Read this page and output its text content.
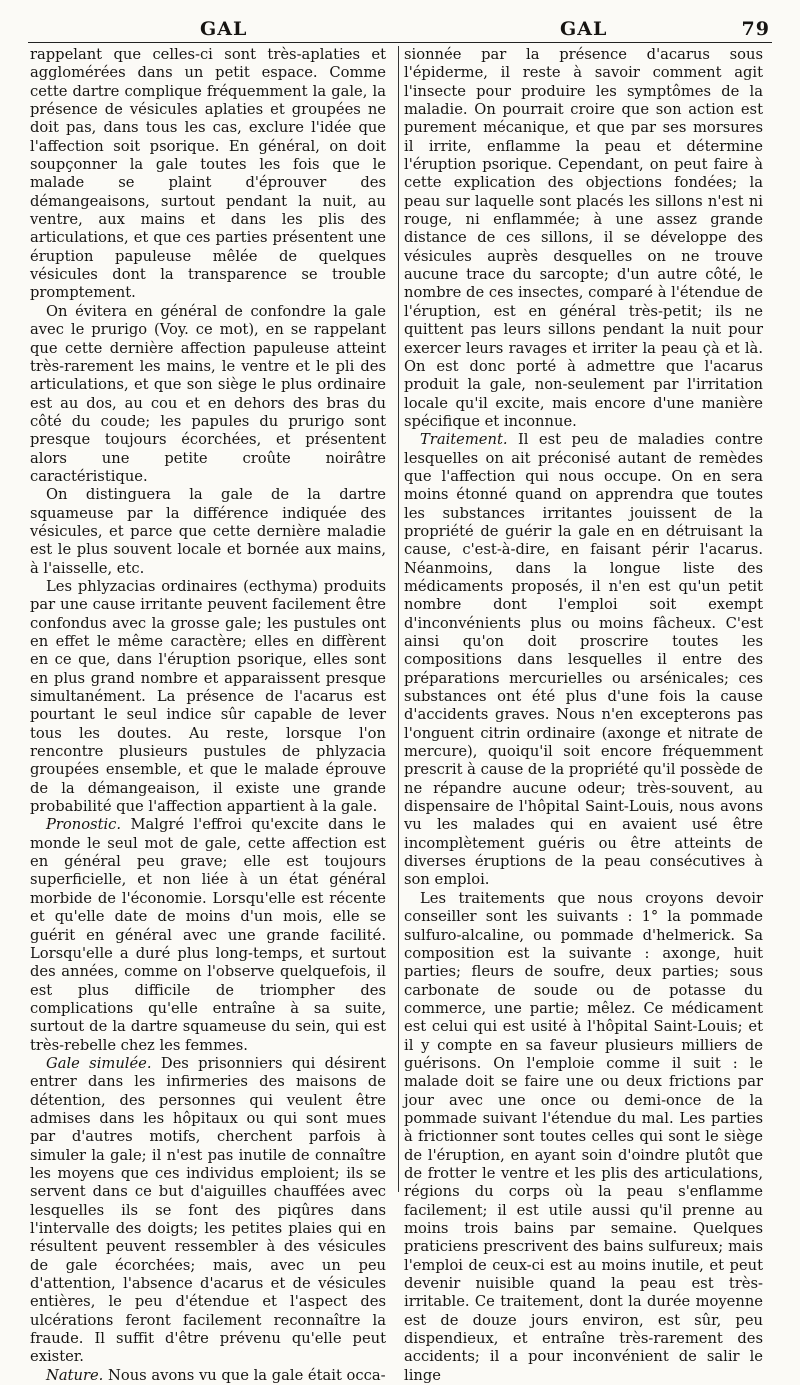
GAL	GAL	79

rappelant que celles-ci sont très-aplaties et agglomérées dans un petit espace. Comme cette dartre complique fréquemment la gale, la présence de vésicules aplaties et groupées ne doit pas, dans tous les cas, exclure l'idée que l'affection soit psorique. En général, on doit soupçonner la gale toutes les fois que le malade se plaint d'éprouver des démangeaisons, surtout pendant la nuit, au ventre, aux mains et dans les plis des articulations, et que ces parties présentent une éruption papuleuse mêlée de quelques vésicules dont la transparence se trouble promptement.

On évitera en général de confondre la gale avec le prurigo (Voy. ce mot), en se rappelant que cette dernière affection papuleuse atteint très-rarement les mains, le ventre et le pli des articulations, et que son siège le plus ordinaire est au dos, au cou et en dehors des bras du côté du coude; les papules du prurigo sont presque toujours écorchées, et présentent alors une petite croûte noirâtre caractéristique.

On distinguera la gale de la dartre squameuse par la différence indiquée des vésicules, et parce que cette dernière maladie est le plus souvent locale et bornée aux mains, à l'aisselle, etc.

Les phlyzacias ordinaires (ecthyma) produits par une cause irritante peuvent facilement être confondus avec la grosse gale; les pustules ont en effet le même caractère; elles en diffèrent en ce que, dans l'éruption psorique, elles sont en plus grand nombre et apparaissent presque simultanément. La présence de l'acarus est pourtant le seul indice sûr capable de lever tous les doutes. Au reste, lorsque l'on rencontre plusieurs pustules de phlyzacia groupées ensemble, et que le malade éprouve de la démangeaison, il existe une grande probabilité que l'affection appartient à la gale.

Pronostic. Malgré l'effroi qu'excite dans le monde le seul mot de gale, cette affection est en général peu grave; elle est toujours superficielle, et non liée à un état général morbide de l'économie. Lorsqu'elle est récente et qu'elle date de moins d'un mois, elle se guérit en général avec une grande facilité. Lorsqu'elle a duré plus long-temps, et surtout des années, comme on l'observe quelquefois, il est plus difficile de triompher des complications qu'elle entraîne à sa suite, surtout de la dartre squameuse du sein, qui est très-rebelle chez les femmes.

Gale simulée. Des prisonniers qui désirent entrer dans les infirmeries des maisons de détention, des personnes qui veulent être admises dans les hôpitaux ou qui sont mues par d'autres motifs, cherchent parfois à simuler la gale; il n'est pas inutile de connaître les moyens que ces individus emploient; ils se servent dans ce but d'aiguilles chauffées avec lesquelles ils se font des piqûres dans l'intervalle des doigts; les petites plaies qui en résultent peuvent ressembler à des vésicules de gale écorchées; mais, avec un peu d'attention, l'absence d'acarus et de vésicules entières, le peu d'étendue et l'aspect des ulcérations feront facilement reconnaître la fraude. Il suffit d'être prévenu qu'elle peut exister.

Nature. Nous avons vu que la gale était occa-

sionnée par la présence d'acarus sous l'épiderme, il reste à savoir comment agit l'insecte pour produire les symptômes de la maladie. On pourrait croire que son action est purement mécanique, et que par ses morsures il irrite, enflamme la peau et détermine l'éruption psorique. Cependant, on peut faire à cette explication des objections fondées; la peau sur laquelle sont placés les sillons n'est ni rouge, ni enflammée; à une assez grande distance de ces sillons, il se développe des vésicules auprès desquelles on ne trouve aucune trace du sarcopte; d'un autre côté, le nombre de ces insectes, comparé à l'étendue de l'éruption, est en général très-petit; ils ne quittent pas leurs sillons pendant la nuit pour exercer leurs ravages et irriter la peau çà et là. On est donc porté à admettre que l'acarus produit la gale, non-seulement par l'irritation locale qu'il excite, mais encore d'une manière spécifique et inconnue.

Traitement. Il est peu de maladies contre lesquelles on ait préconisé autant de remèdes que l'affection qui nous occupe. On en sera moins étonné quand on apprendra que toutes les substances irritantes jouissent de la propriété de guérir la gale en en détruisant la cause, c'est-à-dire, en faisant périr l'acarus. Néanmoins, dans la longue liste des médicaments proposés, il n'en est qu'un petit nombre dont l'emploi soit exempt d'inconvénients plus ou moins fâcheux. C'est ainsi qu'on doit proscrire toutes les compositions dans lesquelles il entre des préparations mercurielles ou arsénicales; ces substances ont été plus d'une fois la cause d'accidents graves. Nous n'en excepterons pas l'onguent citrin ordinaire (axonge et nitrate de mercure), quoiqu'il soit encore fréquemment prescrit à cause de la propriété qu'il possède de ne répandre aucune odeur; très-souvent, au dispensaire de l'hôpital Saint-Louis, nous avons vu les malades qui en avaient usé être incomplètement guéris ou être atteints de diverses éruptions de la peau consécutives à son emploi.

Les traitements que nous croyons devoir conseiller sont les suivants : 1° la pommade sulfuro-alcaline, ou pommade d'helmerick. Sa composition est la suivante : axonge, huit parties; fleurs de soufre, deux parties; sous carbonate de soude ou de potasse du commerce, une partie; mêlez. Ce médicament est celui qui est usité à l'hôpital Saint-Louis; et il y compte en sa faveur plusieurs milliers de guérisons. On l'emploie comme il suit : le malade doit se faire une ou deux frictions par jour avec une once ou demi-once de la pommade suivant l'étendue du mal. Les parties à frictionner sont toutes celles qui sont le siège de l'éruption, en ayant soin d'oindre plutôt que de frotter le ventre et les plis des articulations, régions du corps où la peau s'enflamme facilement; il est utile aussi qu'il prenne au moins trois bains par semaine. Quelques praticiens prescrivent des bains sulfureux; mais l'emploi de ceux-ci est au moins inutile, et peut devenir nuisible quand la peau est très-irritable. Ce traitement, dont la durée moyenne est de douze jours environ, est sûr, peu dispendieux, et entraîne très-rarement des accidents; il a pour inconvénient de salir le linge
